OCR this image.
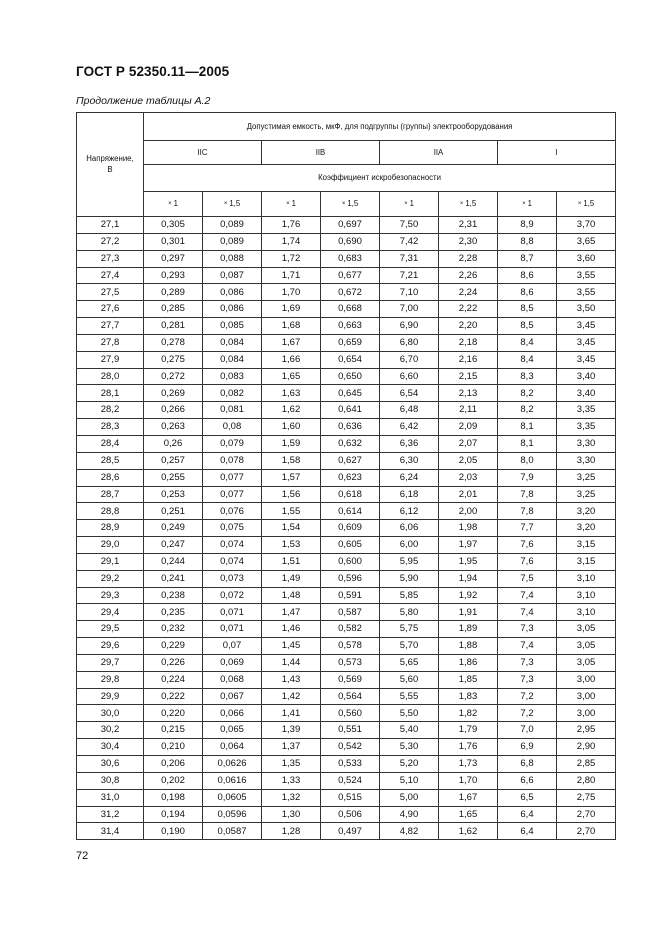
ГОСТ Р 52350.11—2005
Продолжение таблицы А.2
Напряжение, В	Допустимая емкость, мкФ, для подгруппы (группы) электрооборудования							
	IIC		IIB		IIA		I	
	Коэффициент искробезопасности							
	× 1	× 1,5	× 1	× 1,5	× 1	× 1,5	× 1	× 1,5
27,1	0,305	0,089	1,76	0,697	7,50	2,31	8,9	3,70
27,2	0,301	0,089	1,74	0,690	7,42	2,30	8,8	3,65
27,3	0,297	0,088	1,72	0,683	7,31	2,28	8,7	3,60
27,4	0,293	0,087	1,71	0,677	7,21	2,26	8,6	3,55
27,5	0,289	0,086	1,70	0,672	7,10	2,24	8,6	3,55
27,6	0,285	0,086	1,69	0,668	7,00	2,22	8,5	3,50
27,7	0,281	0,085	1,68	0,663	6,90	2,20	8,5	3,45
27,8	0,278	0,084	1,67	0,659	6,80	2,18	8,4	3,45
27,9	0,275	0,084	1,66	0,654	6,70	2,16	8,4	3,45
28,0	0,272	0,083	1,65	0,650	6,60	2,15	8,3	3,40
28,1	0,269	0,082	1,63	0,645	6,54	2,13	8,2	3,40
28,2	0,266	0,081	1,62	0,641	6,48	2,11	8,2	3,35
28,3	0,263	0,08	1,60	0,636	6,42	2,09	8,1	3,35
28,4	0,26	0,079	1,59	0,632	6,36	2,07	8,1	3,30
28,5	0,257	0,078	1,58	0,627	6,30	2,05	8,0	3,30
28,6	0,255	0,077	1,57	0,623	6,24	2,03	7,9	3,25
28,7	0,253	0,077	1,56	0,618	6,18	2,01	7,8	3,25
28,8	0,251	0,076	1,55	0,614	6,12	2,00	7,8	3,20
28,9	0,249	0,075	1,54	0,609	6,06	1,98	7,7	3,20
29,0	0,247	0,074	1,53	0,605	6,00	1,97	7,6	3,15
29,1	0,244	0,074	1,51	0,600	5,95	1,95	7,6	3,15
29,2	0,241	0,073	1,49	0,596	5,90	1,94	7,5	3,10
29,3	0,238	0,072	1,48	0,591	5,85	1,92	7,4	3,10
29,4	0,235	0,071	1,47	0,587	5,80	1,91	7,4	3,10
29,5	0,232	0,071	1,46	0,582	5,75	1,89	7,3	3,05
29,6	0,229	0,07	1,45	0,578	5,70	1,88	7,4	3,05
29,7	0,226	0,069	1,44	0,573	5,65	1,86	7,3	3,05
29,8	0,224	0,068	1,43	0,569	5,60	1,85	7,3	3,00
29,9	0,222	0,067	1,42	0,564	5,55	1,83	7,2	3,00
30,0	0,220	0,066	1,41	0,560	5,50	1,82	7,2	3,00
30,2	0,215	0,065	1,39	0,551	5,40	1,79	7,0	2,95
30,4	0,210	0,064	1,37	0,542	5,30	1,76	6,9	2,90
30,6	0,206	0,0626	1,35	0,533	5,20	1,73	6,8	2,85
30,8	0,202	0,0616	1,33	0,524	5,10	1,70	6,6	2,80
31,0	0,198	0,0605	1,32	0,515	5,00	1,67	6,5	2,75
31,2	0,194	0,0596	1,30	0,506	4,90	1,65	6,4	2,70
31,4	0,190	0,0587	1,28	0,497	4,82	1,62	6,4	2,70
72
